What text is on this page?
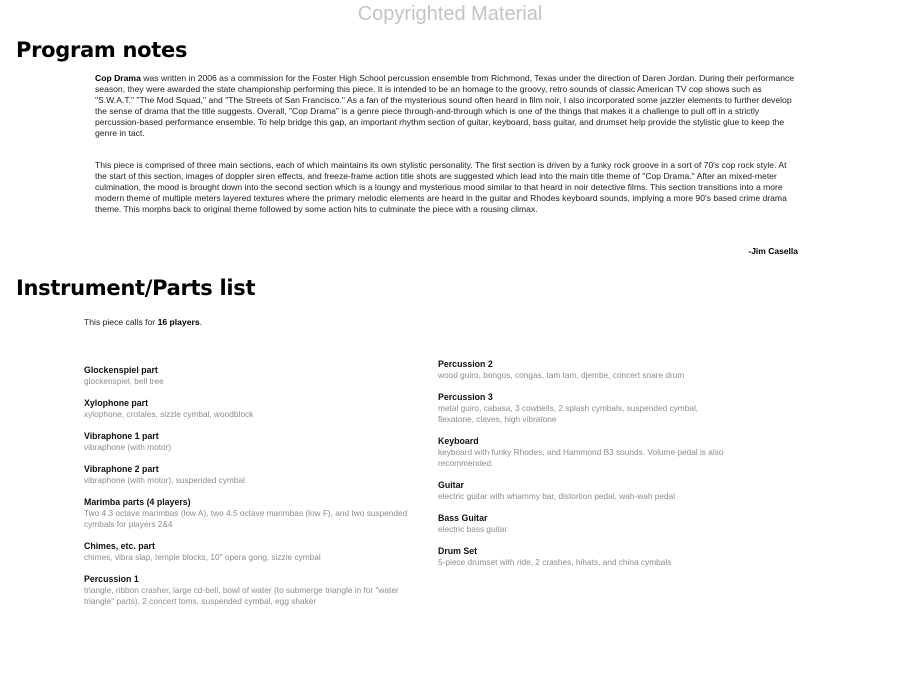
Copyrighted Material
Program notes

Cop Drama was written in 2006 as a commission for the Foster High School percussion ensemble from Richmond, Texas under the direction of Daren Jordan. During their performance season, they were awarded the state championship performing this piece. It is intended to be an homage to the groovy, retro sounds of classic American TV cop shows such as "S.W.A.T." "The Mod Squad," and "The Streets of San Francisco." As a fan of the mysterious sound often heard in film noir, I also incorporated some jazzier elements to further develop the sense of drama that the title suggests. Overall, "Cop Drama" is a genre piece through-and-through which is one of the things that makes it a challenge to pull off in a strictly percussion-based performance ensemble. To help bridge this gap, an important rhythm section of guitar, keyboard, bass guitar, and drumset help provide the stylistic glue to keep the genre in tact.

This piece is comprised of three main sections, each of which maintains its own stylistic personality. The first section is driven by a funky rock groove in a sort of 70's cop rock style. At the start of this section, images of doppler siren effects, and freeze-frame action title shots are suggested which lead into the main title theme of "Cop Drama." After an mixed-meter culmination, the mood is brought down into the second section which is a loungy and mysterious mood similar to that heard in noir detective films. This section transitions into a more modern theme of multiple meters layered textures where the primary melodic elements are heard in the guitar and Rhodes keyboard sounds, implying a more 90's based crime drama theme. This morphs back to original theme followed by some action hits to culminate the piece with a rousing climax.

-Jim Casella
Instrument/Parts list

This piece calls for 16 players.

Glockenspiel part
glockenspiel, bell tree
Xylophone part
xylophone, crotales, sizzle cymbal, woodblock
Vibraphone 1 part
vibraphone (with motor)
Vibraphone 2 part
vibraphone (with motor), suspended cymbal
Marimba parts (4 players)
Two 4.3 octave marimbas (low A), two 4.5 octave marimbas (low F), and two suspended cymbals for players 2&4
Chimes, etc. part
chimes, vibra slap, temple blocks, 10" opera gong, sizzle cymbal
Percussion 1
triangle, ribbon crasher, large cd-bell, bowl of water (to submerge triangle in for "water triangle" parts), 2 concert toms, suspended cymbal, egg shaker
Percussion 2
wood guiro, bongos, congas, tam tam, djembe, concert snare drum
Percussion 3
metal guiro, cabasa, 3 cowbells, 2 splash cymbals, suspended cymbal, flexatone, claves, high vibratone
Keyboard
keyboard with funky Rhodes, and Hammond B3 sounds. Volume pedal is also recommended.
Guitar
electric guitar with whammy bar, distortion pedal, wah-wah pedal
Bass Guitar
electric bass guitar
Drum Set
5-piece drumset with ride, 2 crashes, hihats, and china cymbals
